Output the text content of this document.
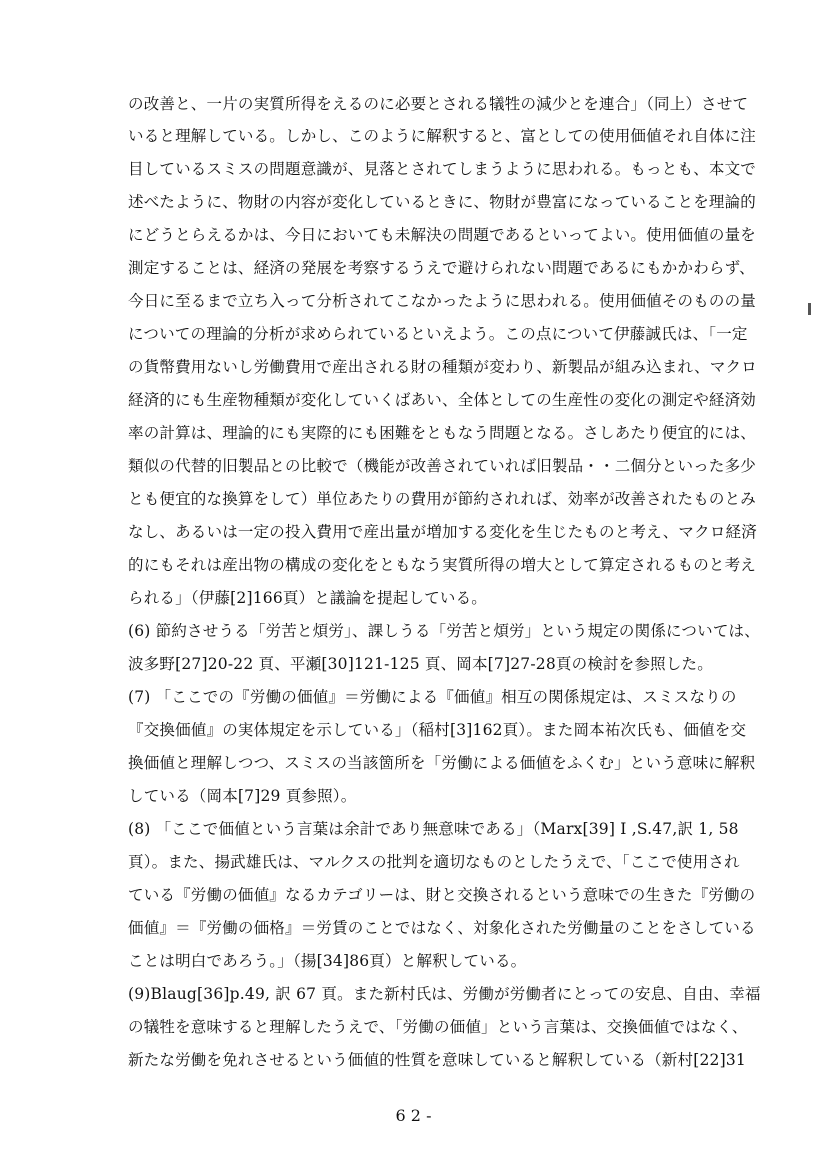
の改善と、一片の実質所得をえるのに必要とされる犠牲の減少とを連合」（同上）させて
いると理解している。しかし、このように解釈すると、富としての使用価値それ自体に注
目しているスミスの問題意識が、見落とされてしまうように思われる。もっとも、本文で
述べたように、物財の内容が変化しているときに、物財が豊富になっていることを理論的
にどうとらえるかは、今日においても未解決の問題であるといってよい。使用価値の量を
測定することは、経済の発展を考察するうえで避けられない問題であるにもかかわらず、
今日に至るまで立ち入って分析されてこなかったように思われる。使用価値そのものの量
についての理論的分析が求められているといえよう。この点について伊藤誠氏は、「一定
の貨幣費用ないし労働費用で産出される財の種類が変わり、新製品が組み込まれ、マクロ
経済的にも生産物種類が変化していくばあい、全体としての生産性の変化の測定や経済効
率の計算は、理論的にも実際的にも困難をともなう問題となる。さしあたり便宜的には、
類似の代替的旧製品との比較で（機能が改善されていれば旧製品・・二個分といった多少
とも便宜的な換算をして）単位あたりの費用が節約されれば、効率が改善されたものとみ
なし、あるいは一定の投入費用で産出量が増加する変化を生じたものと考え、マクロ経済
的にもそれは産出物の構成の変化をともなう実質所得の増大として算定されるものと考え
られる」（伊藤[2]166頁）と議論を提起している。
(6) 節約させうる「労苦と煩労」、課しうる「労苦と煩労」という規定の関係については、
波多野[27]20-22 頁、平瀬[30]121-125 頁、岡本[7]27-28頁の検討を参照した。
(7) 「ここでの『労働の価値』＝労働による『価値』相互の関係規定は、スミスなりの
『交換価値』の実体規定を示している」（稲村[3]162頁）。また岡本祐次氏も、価値を交
換価値と理解しつつ、スミスの当該箇所を「労働による価値をふくむ」という意味に解釈
している（岡本[7]29 頁参照）。
(8) 「ここで価値という言葉は余計であり無意味である」（Marx[39] I ,S.47,訳 1, 58
頁）。また、揚武雄氏は、マルクスの批判を適切なものとしたうえで、「ここで使用され
ている『労働の価値』なるカテゴリーは、財と交換されるという意味での生きた『労働の
価値』＝『労働の価格』＝労賃のことではなく、対象化された労働量のことをさしている
ことは明白であろう。」（揚[34]86頁）と解釈している。
(9)Blaug[36]p.49, 訳 67 頁。また新村氏は、労働が労働者にとっての安息、自由、幸福
の犠牲を意味すると理解したうえで、「労働の価値」という言葉は、交換価値ではなく、
新たな労働を免れさせるという価値的性質を意味していると解釈している（新村[22]31
6 2 -
